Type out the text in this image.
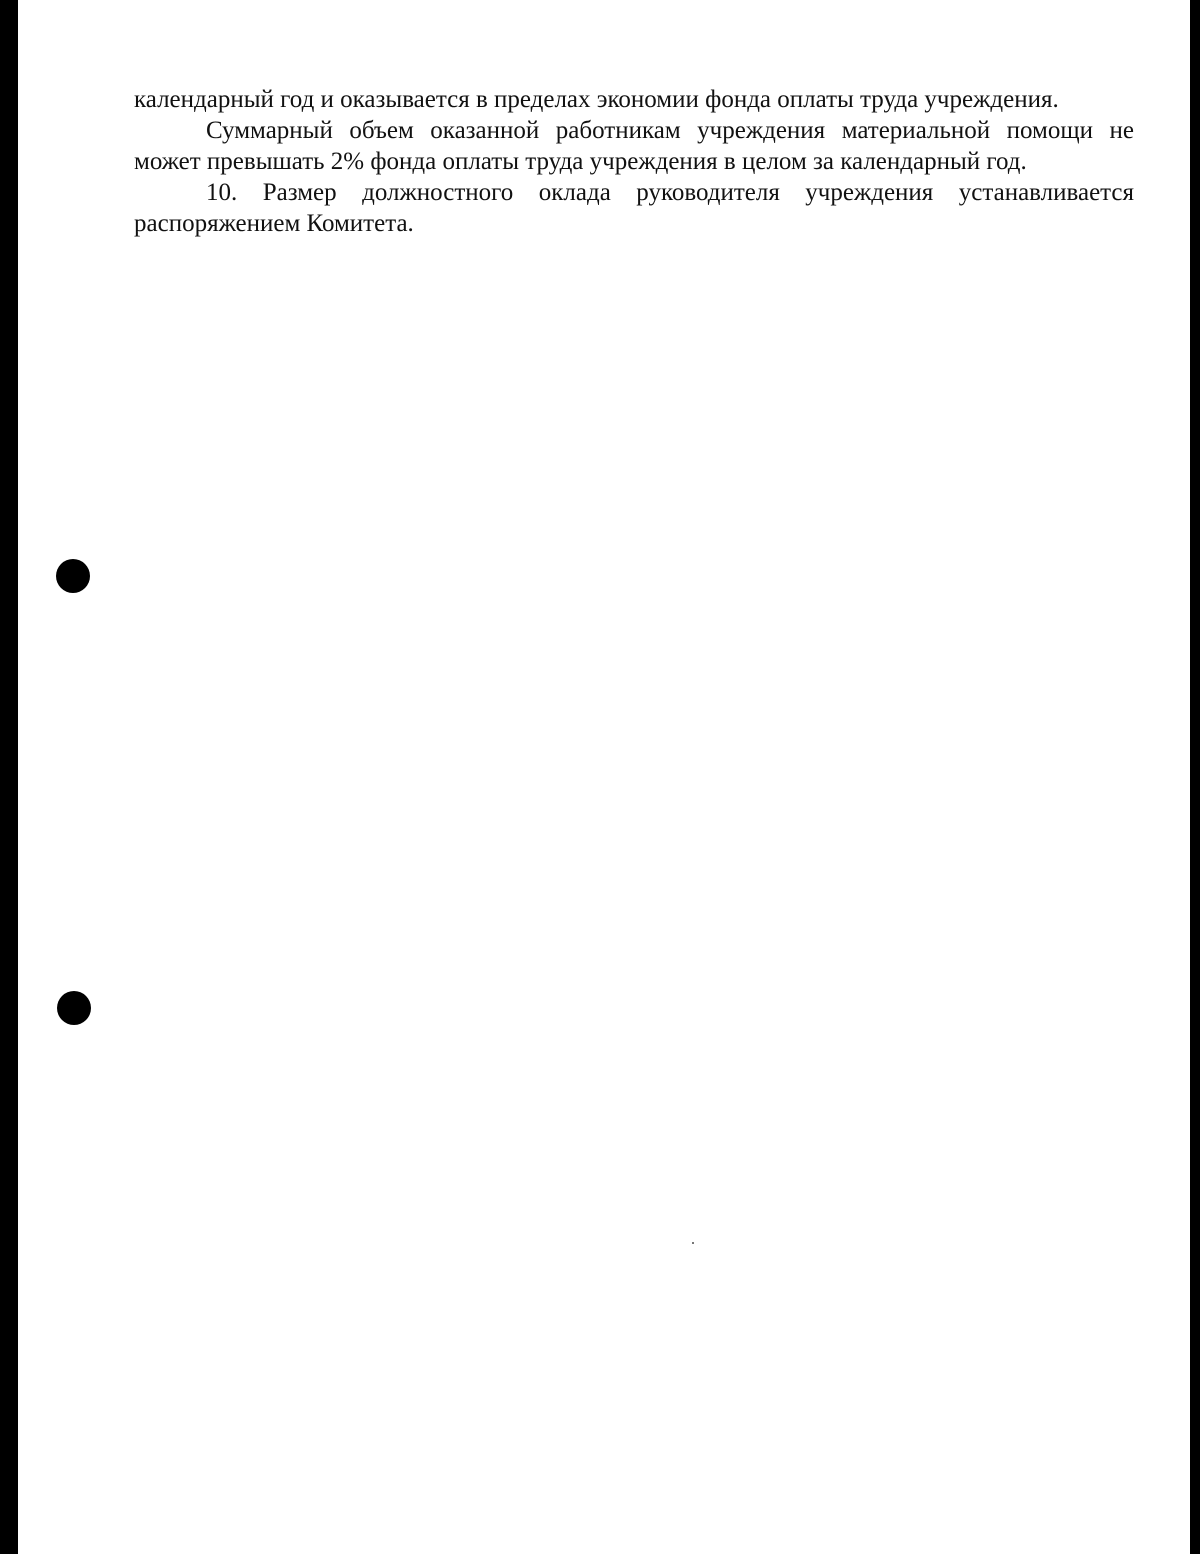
календарный год и оказывается в пределах экономии фонда оплаты труда учреждения.

Суммарный объем оказанной работникам учреждения материальной помощи не может превышать 2% фонда оплаты труда учреждения в целом за календарный год.

10. Размер должностного оклада руководителя учреждения устанавливается распоряжением Комитета.
